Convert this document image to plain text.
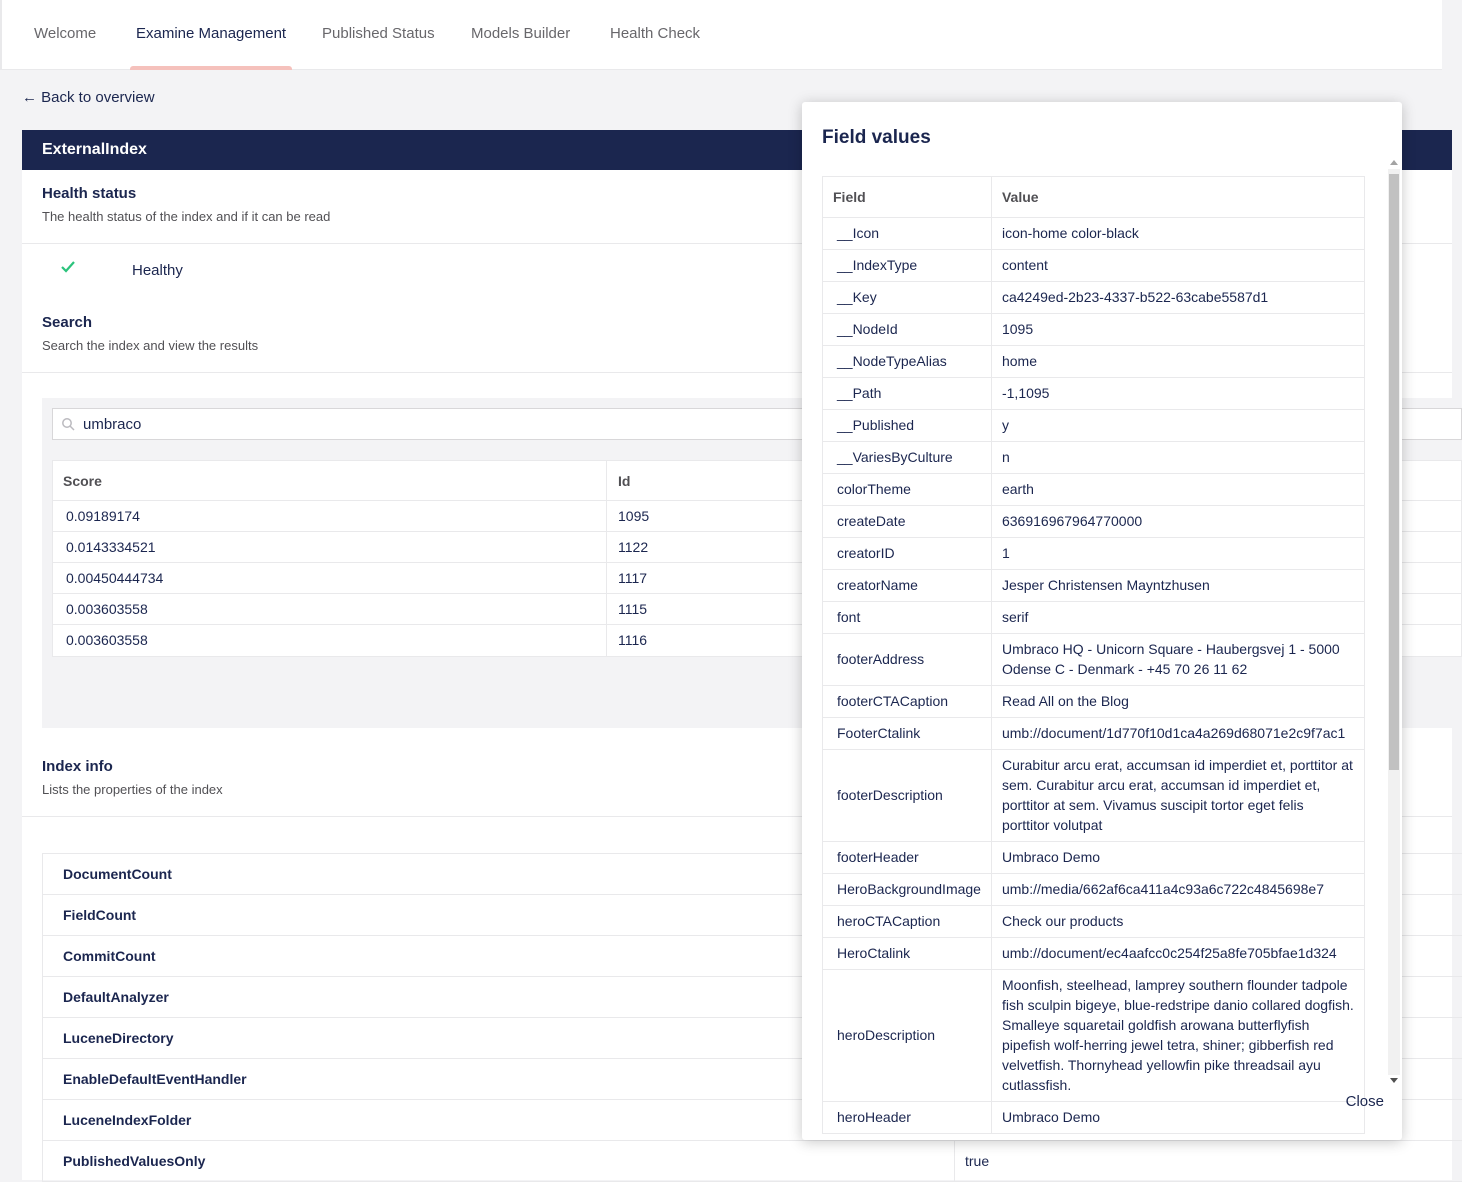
Welcome	Examine Management	Published Status	Models Builder	Health Check
← Back to overview
ExternalIndex
Health status
The health status of the index and if it can be read
Healthy
Search
Search the index and view the results
umbraco
Score	Id
0.09189174	1095
0.0143334521	1122
0.00450444734	1117
0.003603558	1115
0.003603558	1116
Index info
Lists the properties of the index
DocumentCount
FieldCount
CommitCount
DefaultAnalyzer
LuceneDirectory
EnableDefaultEventHandler
LuceneIndexFolder
PublishedValuesOnly	true
Field values
Field	Value
__Icon	icon-home color-black
__IndexType	content
__Key	ca4249ed-2b23-4337-b522-63cabe5587d1
__NodeId	1095
__NodeTypeAlias	home
__Path	-1,1095
__Published	y
__VariesByCulture	n
colorTheme	earth
createDate	636916967964770000
creatorID	1
creatorName	Jesper Christensen Mayntzhusen
font	serif
footerAddress	Umbraco HQ - Unicorn Square - Haubergsvej 1 - 5000 Odense C - Denmark - +45 70 26 11 62
footerCTACaption	Read All on the Blog
FooterCtalink	umb://document/1d770f10d1ca4a269d68071e2c9f7ac1
footerDescription	Curabitur arcu erat, accumsan id imperdiet et, porttitor at sem. Curabitur arcu erat, accumsan id imperdiet et, porttitor at sem. Vivamus suscipit tortor eget felis porttitor volutpat
footerHeader	Umbraco Demo
HeroBackgroundImage	umb://media/662af6ca411a4c93a6c722c4845698e7
heroCTACaption	Check our products
HeroCtalink	umb://document/ec4aafcc0c254f25a8fe705bfae1d324
heroDescription	Moonfish, steelhead, lamprey southern flounder tadpole fish sculpin bigeye, blue-redstripe danio collared dogfish. Smalleye squaretail goldfish arowana butterflyfish pipefish wolf-herring jewel tetra, shiner; gibberfish red velvetfish. Thornyhead yellowfin pike threadsail ayu cutlassfish.
heroHeader	Umbraco Demo
Close
